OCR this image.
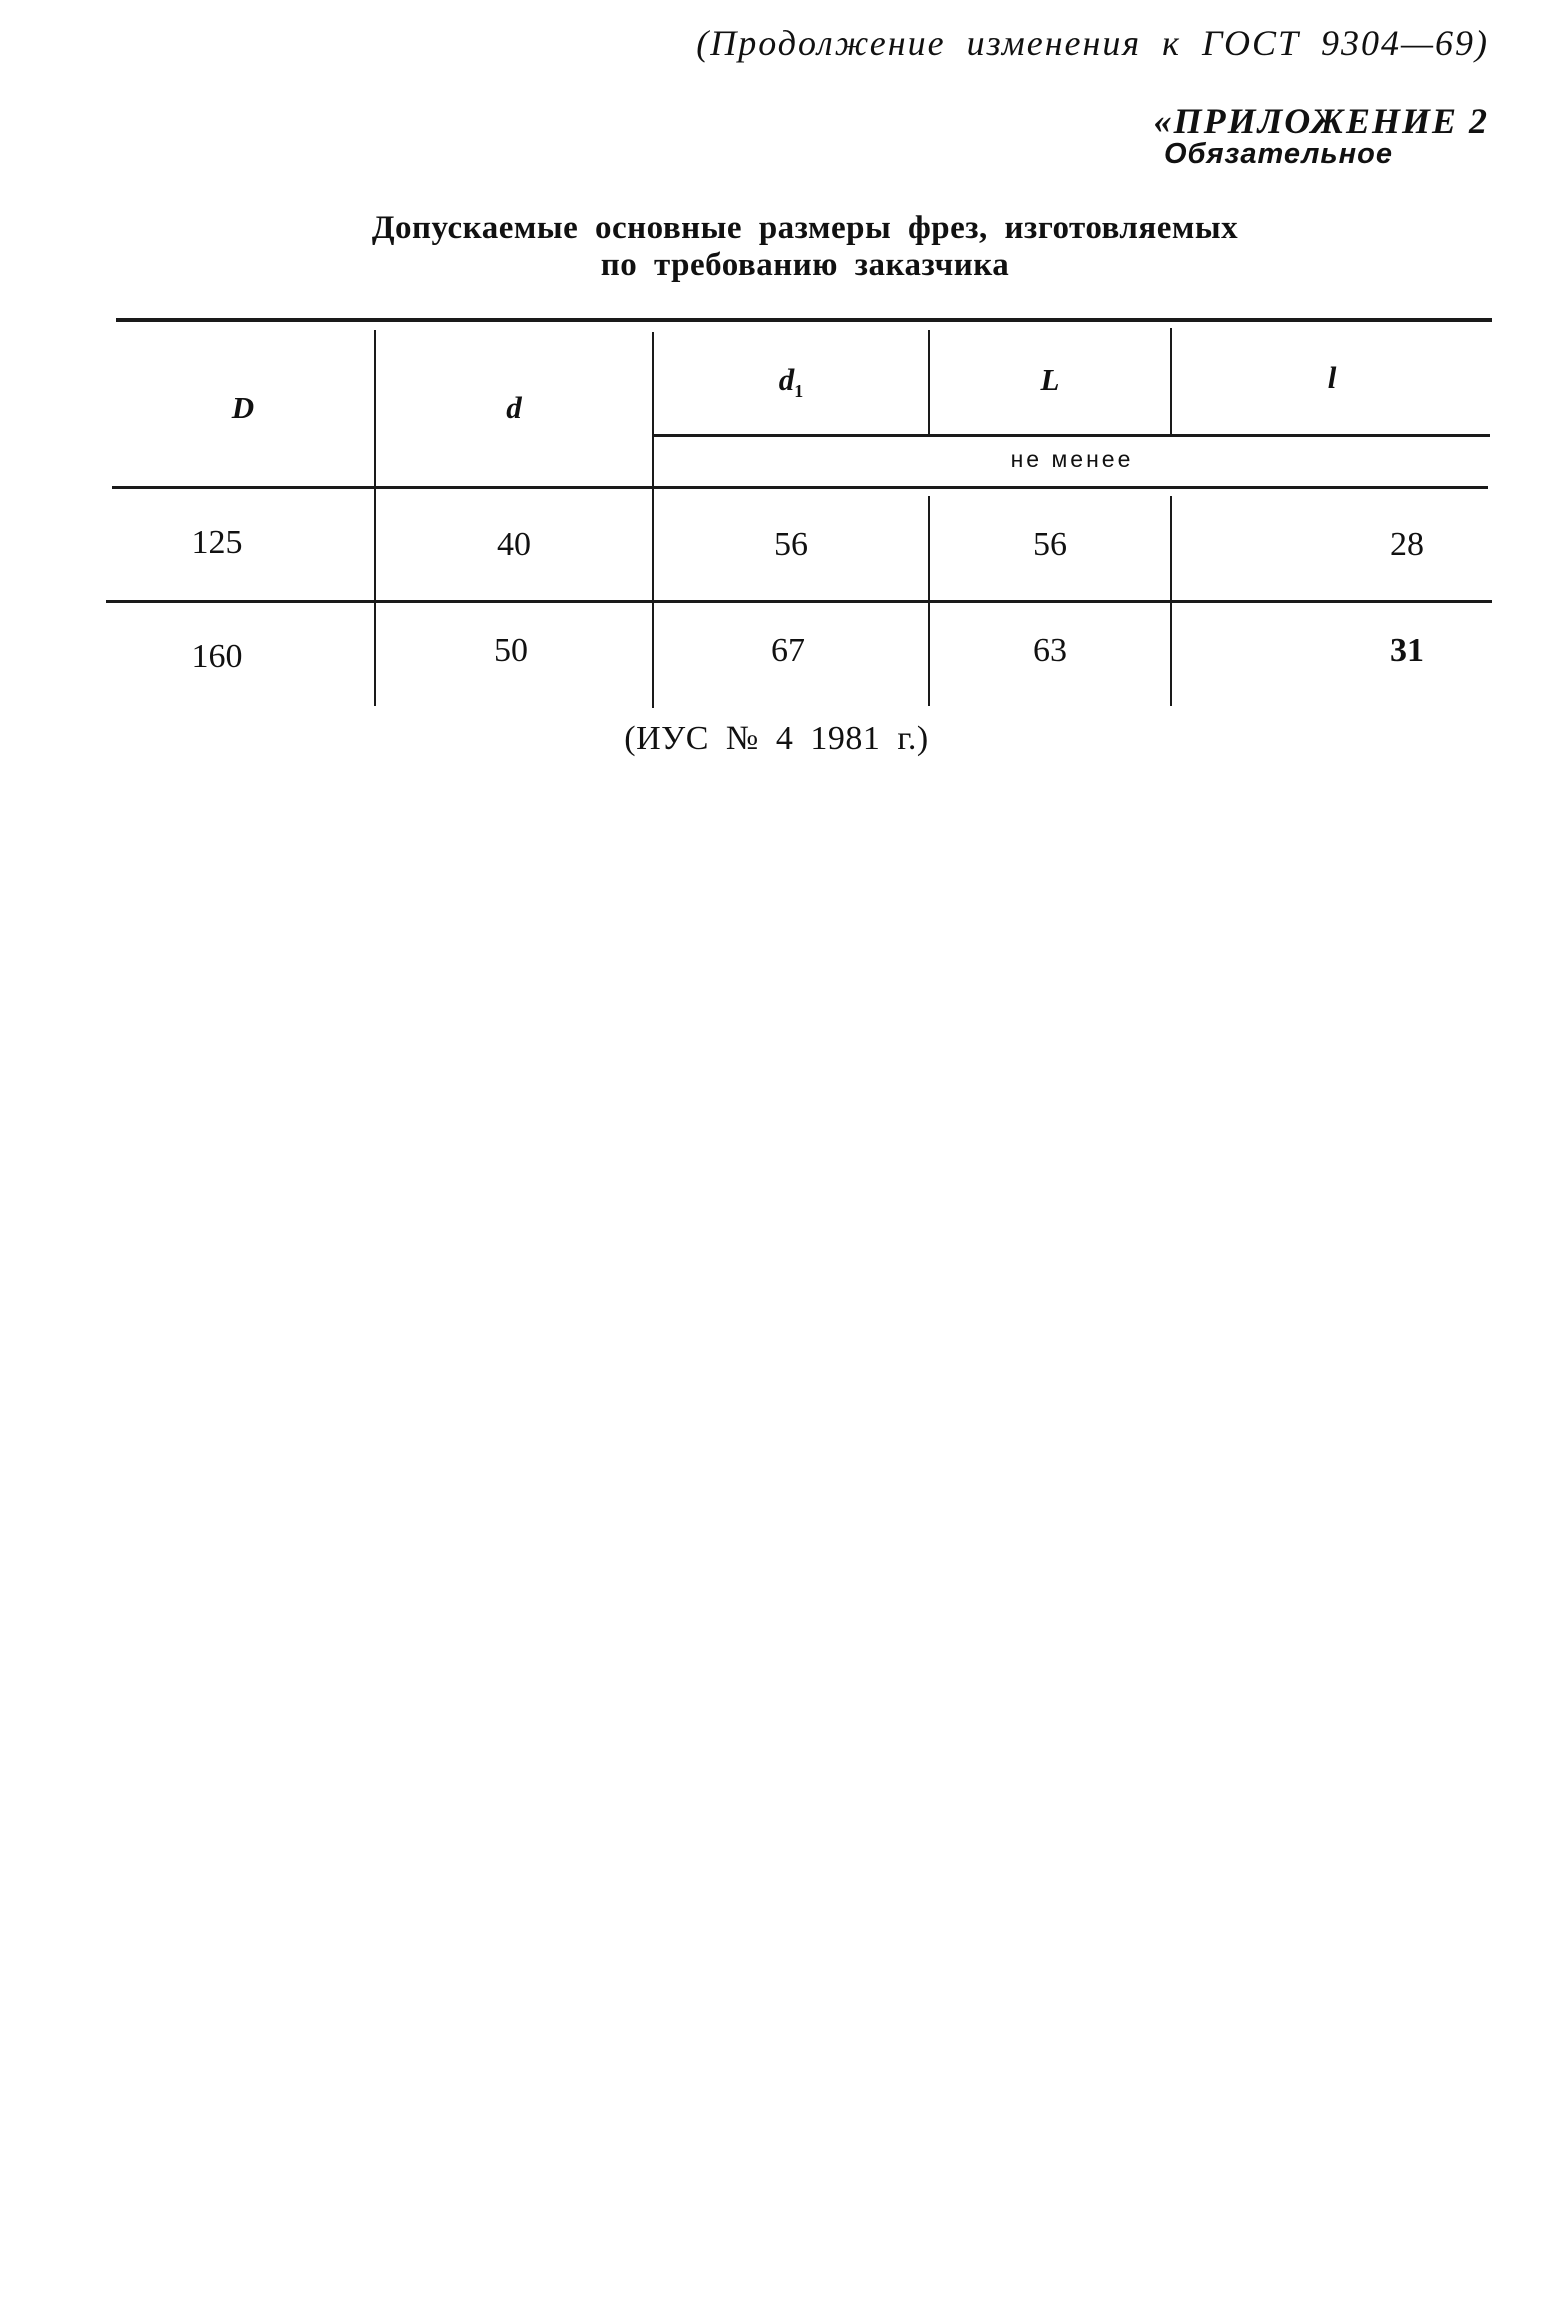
(Продолжение изменения к ГОСТ 9304—69)
«ПРИЛОЖЕНИЕ 2
Обязательное
Допускаемые основные размеры фрез, изготовляемых
по требованию заказчика
D	d
$d_1$	L	l
не менее
125	40	56	56	28
160	50	67	63	31
(ИУС № 4 1981 г.)
